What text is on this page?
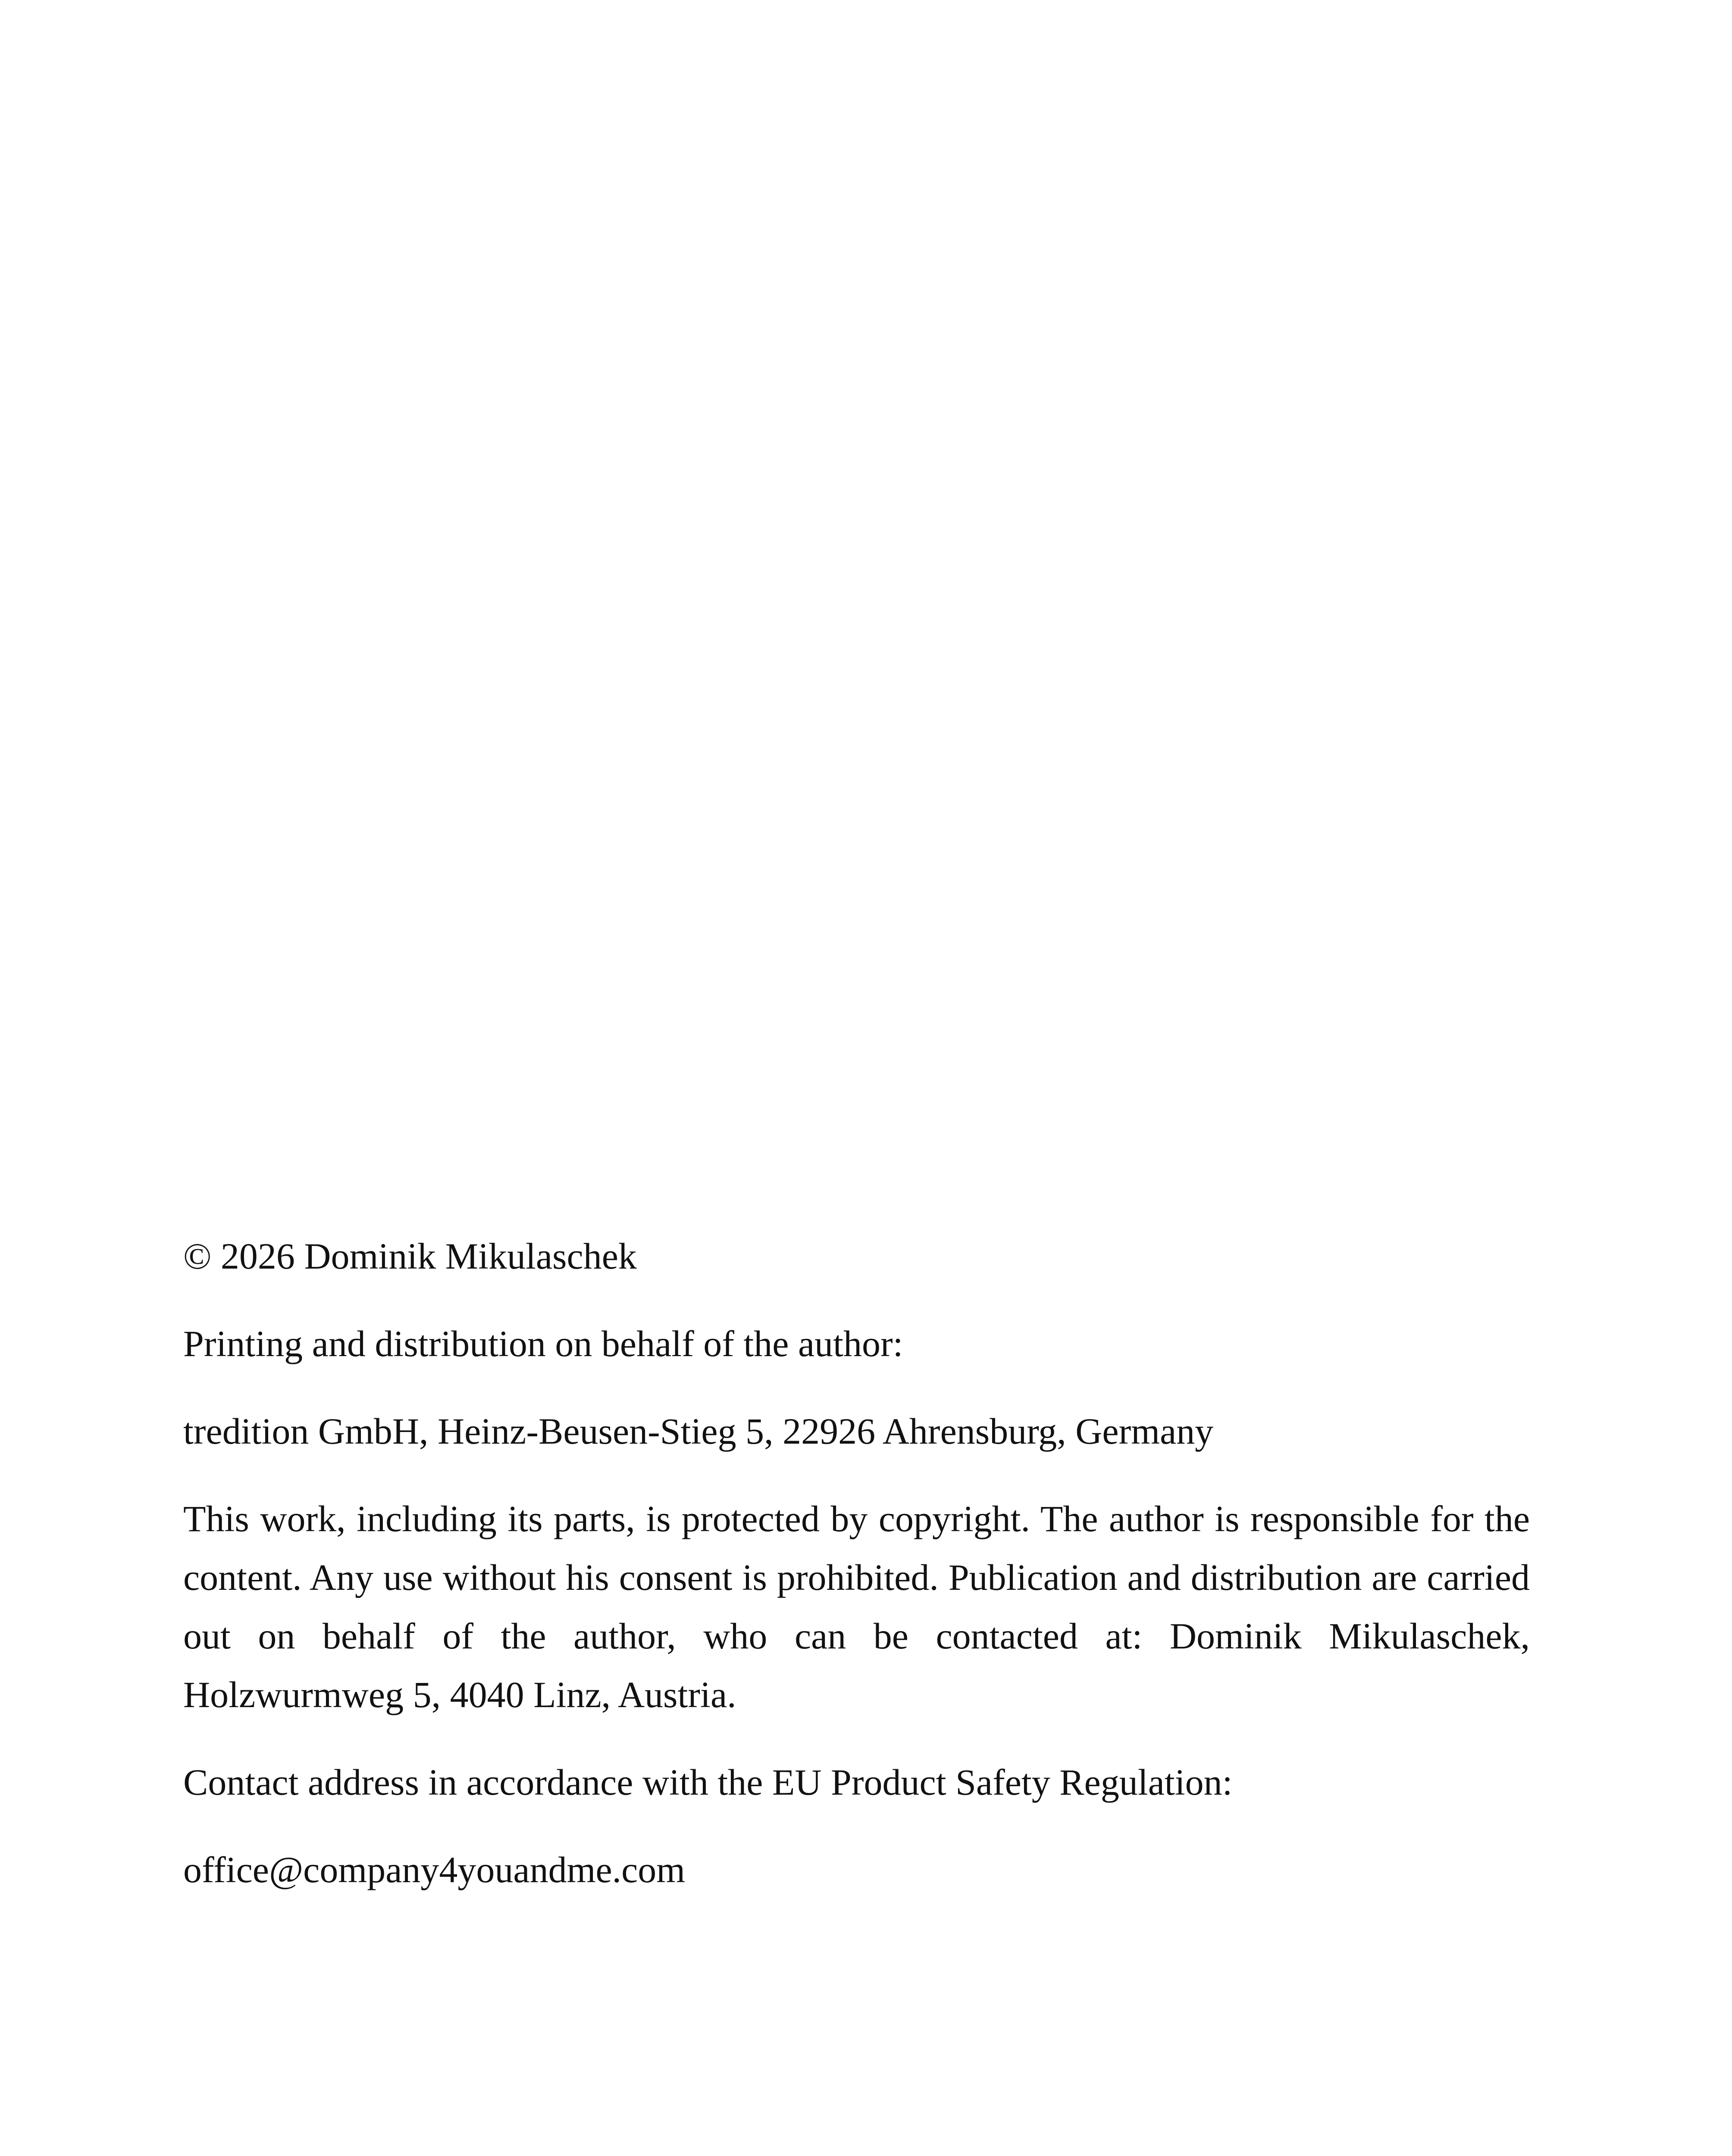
© 2026 Dominik Mikulaschek

Printing and distribution on behalf of the author:

tredition GmbH, Heinz-Beusen-Stieg 5, 22926 Ahrensburg, Germany

This work, including its parts, is protected by copyright. The author is responsible for the content. Any use without his consent is prohibited. Publication and distribution are carried out on behalf of the author, who can be contacted at: Dominik Mikulaschek, Holzwurmweg 5, 4040 Linz, Austria.

Contact address in accordance with the EU Product Safety Regulation:

office@company4youandme.com
